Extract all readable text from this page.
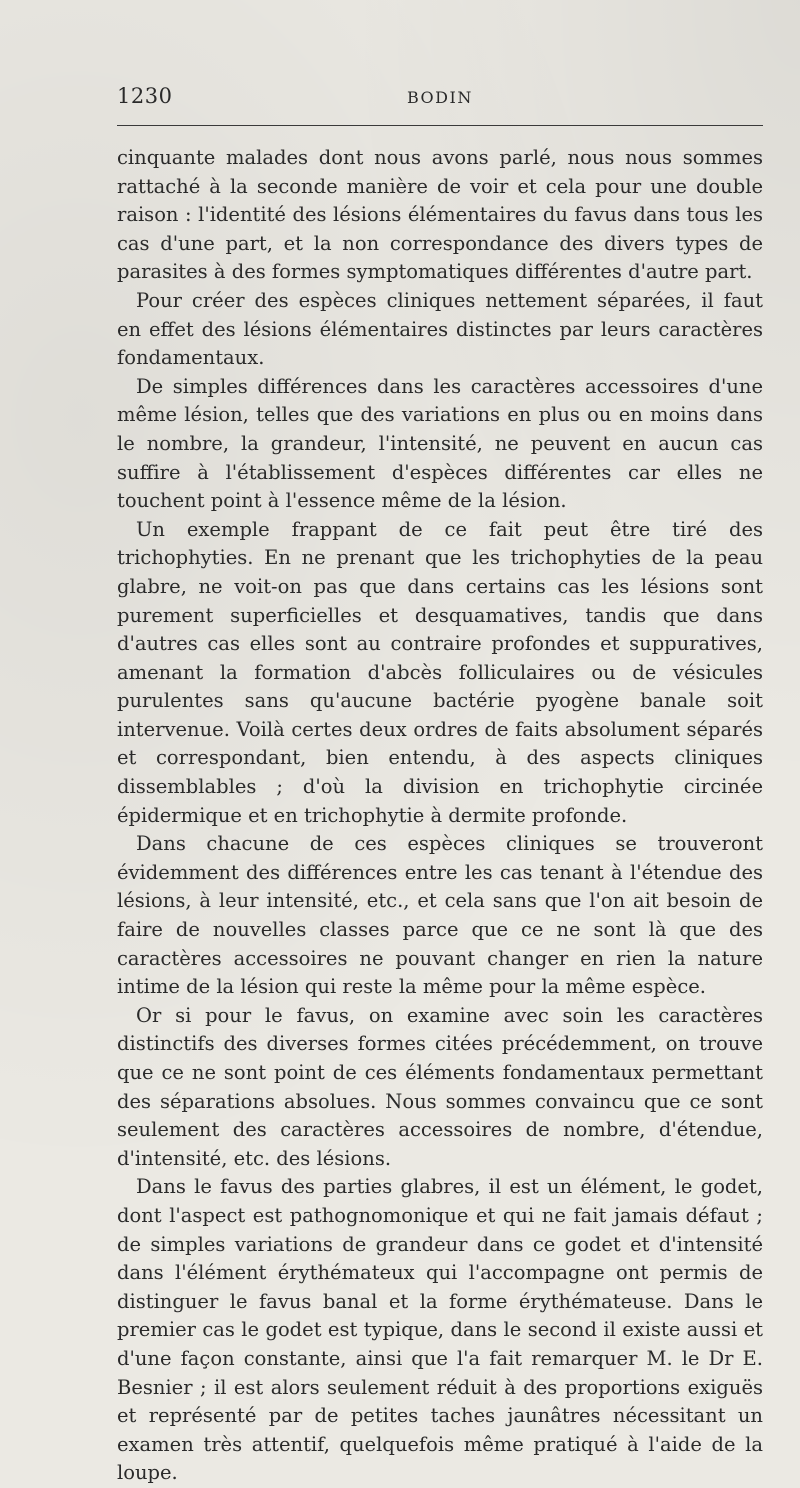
1230	BODIN

cinquante malades dont nous avons parlé, nous nous sommes rattaché à la seconde manière de voir et cela pour une double raison : l'identité des lésions élémentaires du favus dans tous les cas d'une part, et la non correspondance des divers types de parasites à des formes symptomatiques différentes d'autre part.

Pour créer des espèces cliniques nettement séparées, il faut en effet des lésions élémentaires distinctes par leurs caractères fondamentaux.

De simples différences dans les caractères accessoires d'une même lésion, telles que des variations en plus ou en moins dans le nombre, la grandeur, l'intensité, ne peuvent en aucun cas suffire à l'établissement d'espèces différentes car elles ne touchent point à l'essence même de la lésion.

Un exemple frappant de ce fait peut être tiré des trichophyties. En ne prenant que les trichophyties de la peau glabre, ne voit-on pas que dans certains cas les lésions sont purement superficielles et desquamatives, tandis que dans d'autres cas elles sont au contraire profondes et suppuratives, amenant la formation d'abcès folliculaires ou de vésicules purulentes sans qu'aucune bactérie pyogène banale soit intervenue. Voilà certes deux ordres de faits absolument séparés et correspondant, bien entendu, à des aspects cliniques dissemblables ; d'où la division en trichophytie circinée épidermique et en trichophytie à dermite profonde.

Dans chacune de ces espèces cliniques se trouveront évidemment des différences entre les cas tenant à l'étendue des lésions, à leur intensité, etc., et cela sans que l'on ait besoin de faire de nouvelles classes parce que ce ne sont là que des caractères accessoires ne pouvant changer en rien la nature intime de la lésion qui reste la même pour la même espèce.

Or si pour le favus, on examine avec soin les caractères distinctifs des diverses formes citées précédemment, on trouve que ce ne sont point de ces éléments fondamentaux permettant des séparations absolues. Nous sommes convaincu que ce sont seulement des caractères accessoires de nombre, d'étendue, d'intensité, etc. des lésions.

Dans le favus des parties glabres, il est un élément, le godet, dont l'aspect est pathognomonique et qui ne fait jamais défaut ; de simples variations de grandeur dans ce godet et d'intensité dans l'élément érythémateux qui l'accompagne ont permis de distinguer le favus banal et la forme érythémateuse. Dans le premier cas le godet est typique, dans le second il existe aussi et d'une façon constante, ainsi que l'a fait remarquer M. le Dr E. Besnier ; il est alors seulement réduit à des proportions exiguës et représenté par de petites taches jaunâtres nécessitant un examen très attentif, quelquefois même pratiqué à l'aide de la loupe.
